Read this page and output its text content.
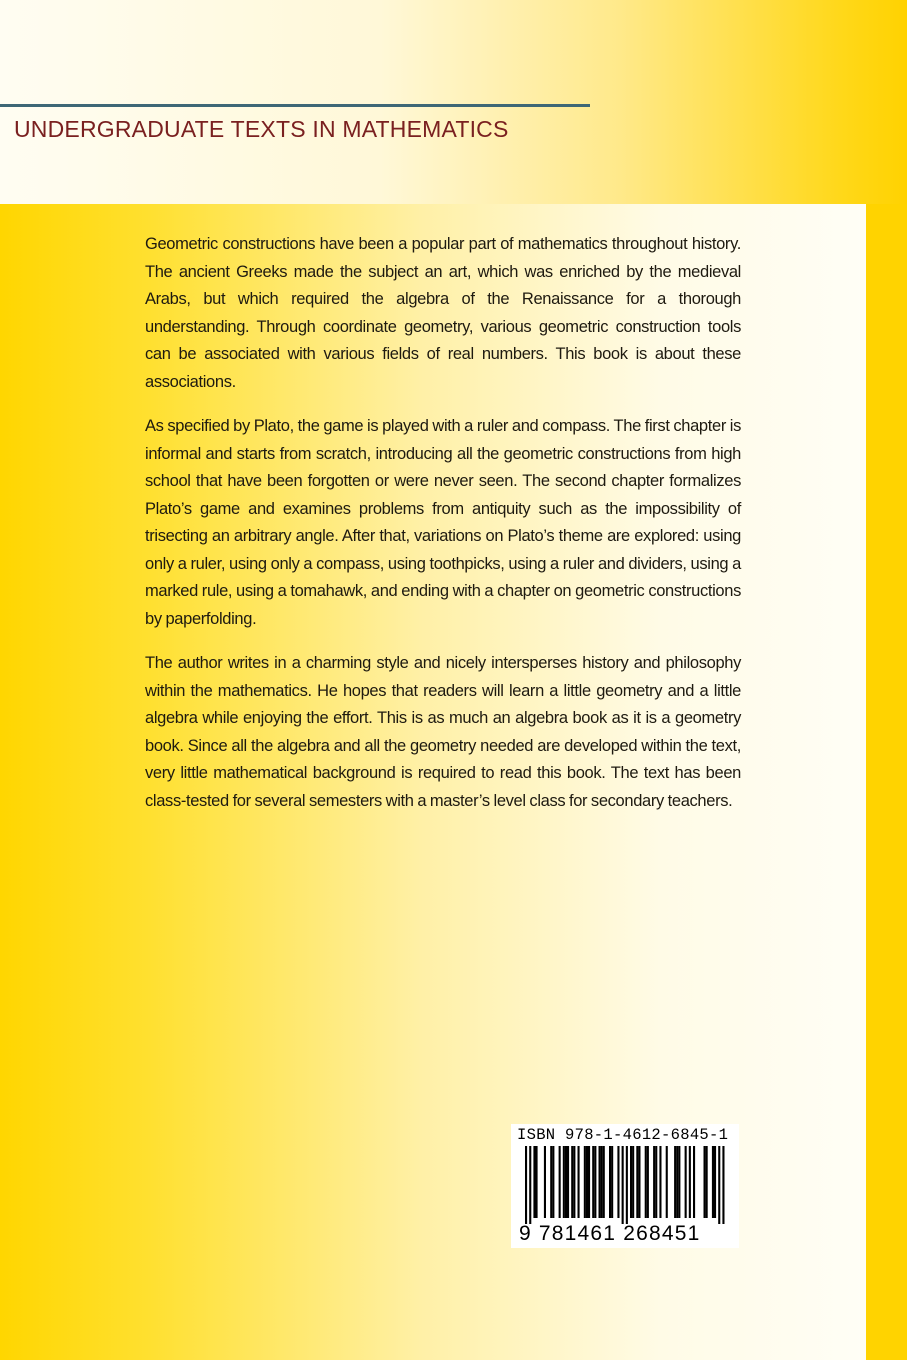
UNDERGRADUATE TEXTS IN MATHEMATICS

Geometric constructions have been a popular part of mathematics throughout history. The ancient Greeks made the subject an art, which was enriched by the medieval Arabs, but which required the algebra of the Renaissance for a thorough understanding. Through coordinate geometry, various geometric construction tools can be associated with various fields of real numbers. This book is about these associations.

As specified by Plato, the game is played with a ruler and compass. The first chapter is informal and starts from scratch, introducing all the geometric constructions from high school that have been forgotten or were never seen. The second chapter formalizes Plato’s game and examines problems from antiquity such as the impossibility of trisecting an arbitrary angle. After that, variations on Plato’s theme are explored: using only a ruler, using only a compass, using toothpicks, using a ruler and dividers, using a marked rule, using a tomahawk, and ending with a chapter on geometric constructions by paperfolding.

The author writes in a charming style and nicely intersperses history and philosophy within the mathematics. He hopes that readers will learn a little geometry and a little algebra while enjoying the effort. This is as much an algebra book as it is a geometry book. Since all the algebra and all the geometry needed are developed within the text, very little mathematical background is required to read this book. The text has been class-tested for several semesters with a master’s level class for secondary teachers.

ISBN 978-1-4612-6845-1
9 781461 268451
